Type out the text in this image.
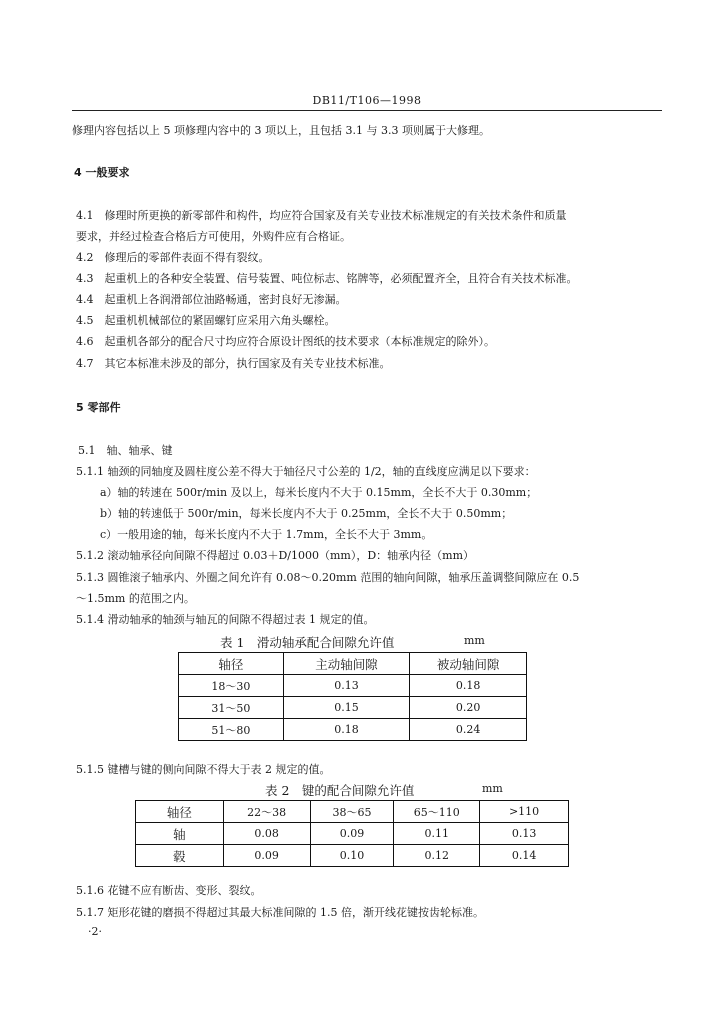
DB11/T106—1998
修理内容包括以上 5 项修理内容中的 3 项以上，且包括 3.1 与 3.3 项则属于大修理。
4 一般要求
4.1　修理时所更换的新零部件和构件，均应符合国家及有关专业技术标准规定的有关技术条件和质量
要求，并经过检查合格后方可使用，外购件应有合格证。
4.2　修理后的零部件表面不得有裂纹。
4.3　起重机上的各种安全装置、信号装置、吨位标志、铭牌等，必须配置齐全，且符合有关技术标准。
4.4　起重机上各润滑部位油路畅通，密封良好无渗漏。
4.5　起重机机械部位的紧固螺钉应采用六角头螺栓。
4.6　起重机各部分的配合尺寸均应符合原设计图纸的技术要求（本标准规定的除外）。
4.7　其它本标准未涉及的部分，执行国家及有关专业技术标准。
5 零部件
5.1　轴、轴承、键
5.1.1 轴颈的同轴度及圆柱度公差不得大于轴径尺寸公差的 1/2，轴的直线度应满足以下要求：
a）轴的转速在 500r/min 及以上，每米长度内不大于 0.15mm，全长不大于 0.30mm；
b）轴的转速低于 500r/min，每米长度内不大于 0.25mm，全长不大于 0.50mm；
c）一般用途的轴，每米长度内不大于 1.7mm，全长不大于 3mm。
5.1.2 滚动轴承径向间隙不得超过 0.03＋D/1000（mm），D：轴承内径（mm）
5.1.3 圆锥滚子轴承内、外圈之间允许有 0.08～0.20mm 范围的轴向间隙，轴承压盖调整间隙应在 0.5
～1.5mm 的范围之内。
5.1.4 滑动轴承的轴颈与轴瓦的间隙不得超过表 1 规定的值。
表 1　滑动轴承配合间隙允许值	mm
轴径	主动轴间隙	被动轴间隙
18～30	0.13	0.18
31～50	0.15	0.20
51～80	0.18	0.24
5.1.5 键槽与键的侧向间隙不得大于表 2 规定的值。
表 2　键的配合间隙允许值	mm
轴径	22～38	38～65	65～110	>110
轴	0.08	0.09	0.11	0.13
毂	0.09	0.10	0.12	0.14
5.1.6 花键不应有断齿、变形、裂纹。
5.1.7 矩形花键的磨损不得超过其最大标准间隙的 1.5 倍，渐开线花键按齿轮标准。
·2·
